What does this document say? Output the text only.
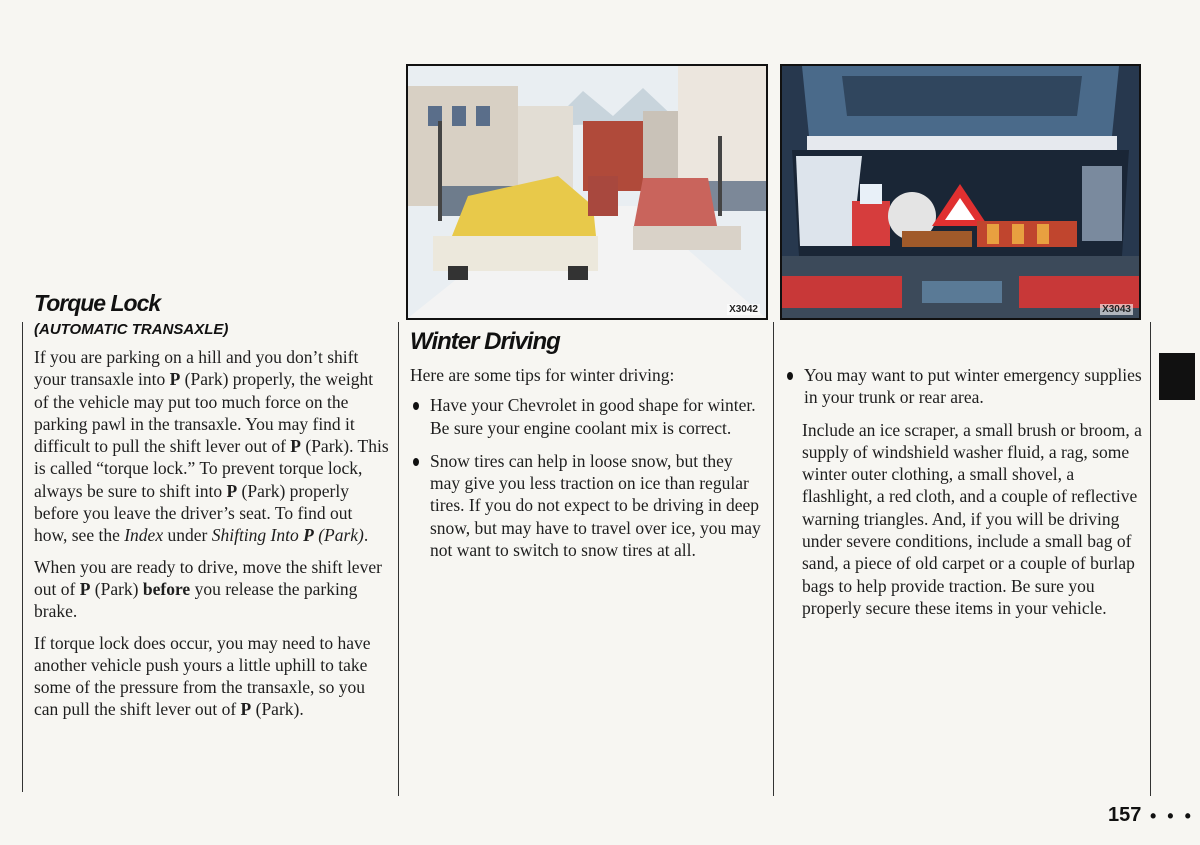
X3042	X3043
Torque Lock
(AUTOMATIC TRANSAXLE)

If you are parking on a hill and you don’t shift your transaxle into P (Park) properly, the weight of the vehicle may put too much force on the parking pawl in the transaxle. You may find it difficult to pull the shift lever out of P (Park). This is called “torque lock.” To prevent torque lock, always be sure to shift into P (Park) properly before you leave the driver’s seat. To find out how, see the Index under Shifting Into P (Park).

When you are ready to drive, move the shift lever out of P (Park) before you release the parking brake.

If torque lock does occur, you may need to have another vehicle push yours a little uphill to take some of the pressure from the transaxle, so you can pull the shift lever out of P (Park).

Winter Driving

Here are some tips for winter driving:

Have your Chevrolet in good shape for winter. Be sure your engine coolant mix is correct.
Snow tires can help in loose snow, but they may give you less traction on ice than regular tires. If you do not expect to be driving in deep snow, but may have to travel over ice, you may not want to switch to snow tires at all.
You may want to put winter emergency supplies in your trunk or rear area.

Include an ice scraper, a small brush or broom, a supply of windshield washer fluid, a rag, some winter outer clothing, a small shovel, a flashlight, a red cloth, and a couple of reflective warning triangles. And, if you will be driving under severe conditions, include a small bag of sand, a piece of old carpet or a couple of burlap bags to help provide traction. Be sure you properly secure these items in your vehicle.

157 • • •
